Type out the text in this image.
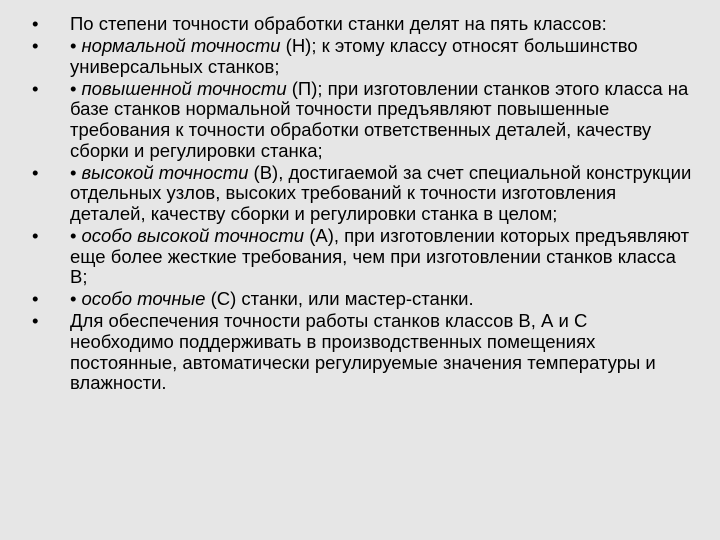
•	По степени точности обработки станки делят на пять классов:
•	• нормальной точности (Н); к этому классу относят большинство универсальных станков;
•	• повышенной точности (П); при изготовлении станков этого класса на базе станков нормальной точности предъявляют повышенные требования к точности обработки ответственных деталей, качеству сборки и регулировки станка;
•	• высокой точности (В), достигаемой за счет специальной конструкции отдельных узлов, высоких требований к точности изготовления деталей, качеству сборки и регулировки станка в целом;
•	• особо высокой точности (А), при изготовлении которых предъявляют еще более жесткие требования, чем при изготовлении станков класса В;
•	• особо точные (С) станки, или мастер-станки.
•	Для обеспечения точности работы станков классов В, А и С необходимо поддерживать в производственных помещениях постоянные, автоматически регулируемые значения температуры и влажности.
